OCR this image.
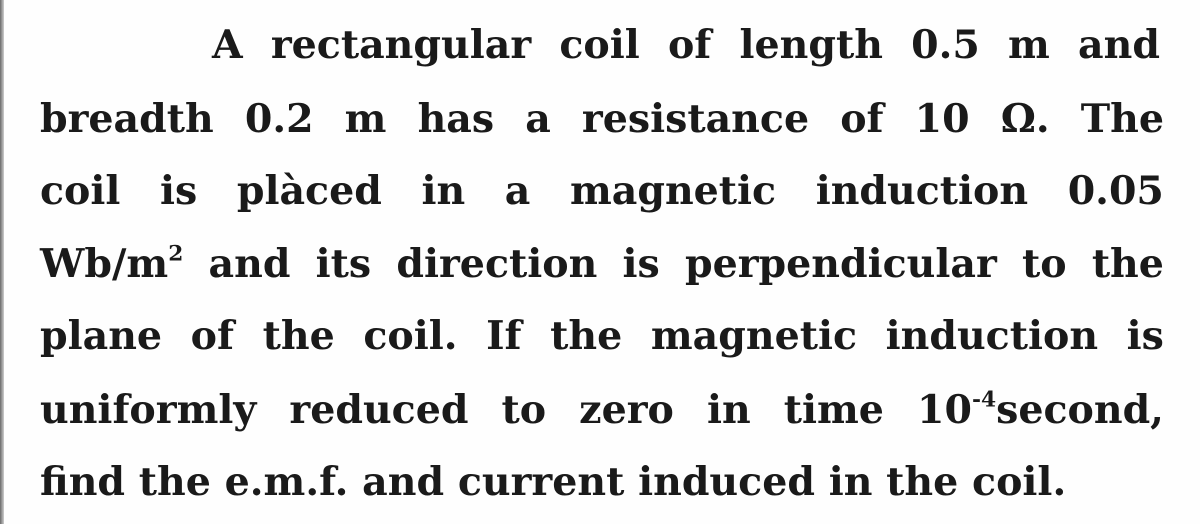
A rectangular coil of length 0.5 m and
breadth 0.2 m has a resistance of 10 Ω. The
coil is plàced in a magnetic induction 0.05
$Wb/m^2$ and its direction is perpendicular to the
plane of the coil. If the magnetic induction is
uniformly reduced to zero in time $10^{-4}second$,
find the e.m.f. and current induced in the coil.
